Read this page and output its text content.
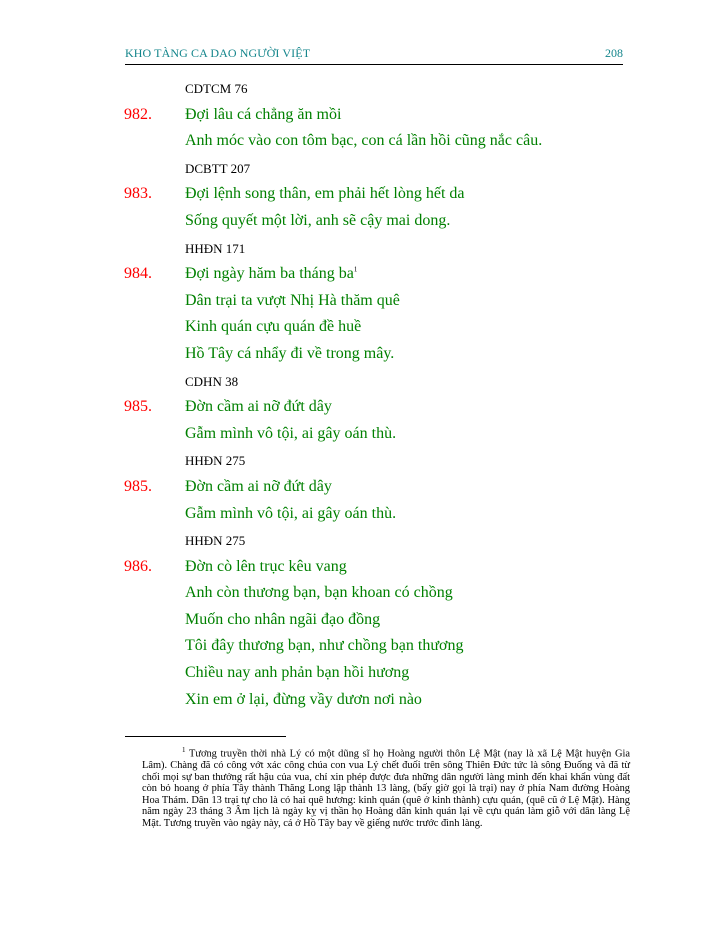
KHO TÀNG CA DAO NGƯỜI VIỆT	208
CDTCM 76
982. Đợi lâu cá chẳng ăn mồi
Anh móc vào con tôm bạc, con cá lần hồi cũng nắc câu.
DCBTT 207
983. Đợi lệnh song thân, em phải hết lòng hết da
Sống quyết một lời, anh sẽ cậy mai dong.
HHĐN 171
984. Đợi ngày hăm ba tháng $ba^1$
Dân trại ta vượt Nhị Hà thăm quê
Kinh quán cựu quán đề huề
Hồ Tây cá nhẩy đi về trong mây.
CDHN 38
985. Đờn cầm ai nỡ đứt dây
Gẫm mình vô tội, ai gây oán thù.
HHĐN 275
985. Đờn cầm ai nỡ đứt dây
Gẫm mình vô tội, ai gây oán thù.
HHĐN 275
986. Đờn cò lên trục kêu vang
Anh còn thương bạn, bạn khoan có chồng
Muốn cho nhân ngãi đạo đồng
Tôi đây thương bạn, như chồng bạn thương
Chiều nay anh phản bạn hồi hương
Xin em ở lại, đừng vầy dươn nơi nào
$^1$ Tương truyền thời nhà Lý có một dũng sĩ họ Hoàng người thôn Lệ Mật (nay là xã Lệ Mật huyện Gia Lâm). Chàng đã có công vớt xác công chúa con vua Lý chết đuối trên sông Thiên Đức tức là sông Đuống và đã từ chối mọi sự ban thưởng rất hậu của vua, chỉ xin phép được đưa những dân người làng mình đến khai khẩn vùng đất còn bỏ hoang ở phía Tây thành Thăng Long lập thành 13 làng, (bấy giờ gọi là trại) nay ở phía Nam đường Hoàng Hoa Thám. Dân 13 trại tự cho là có hai quê hương: kinh quán (quê ở kinh thành) cựu quán, (quê cũ ở Lệ Mật). Hàng năm ngày 23 tháng 3 Âm lịch là ngày kỵ vị thần họ Hoàng dân kinh quán lại về cựu quán làm giỗ với dân làng Lệ Mật. Tương truyền vào ngày này, cá ở Hồ Tây bay về giếng nước trước đình làng.
